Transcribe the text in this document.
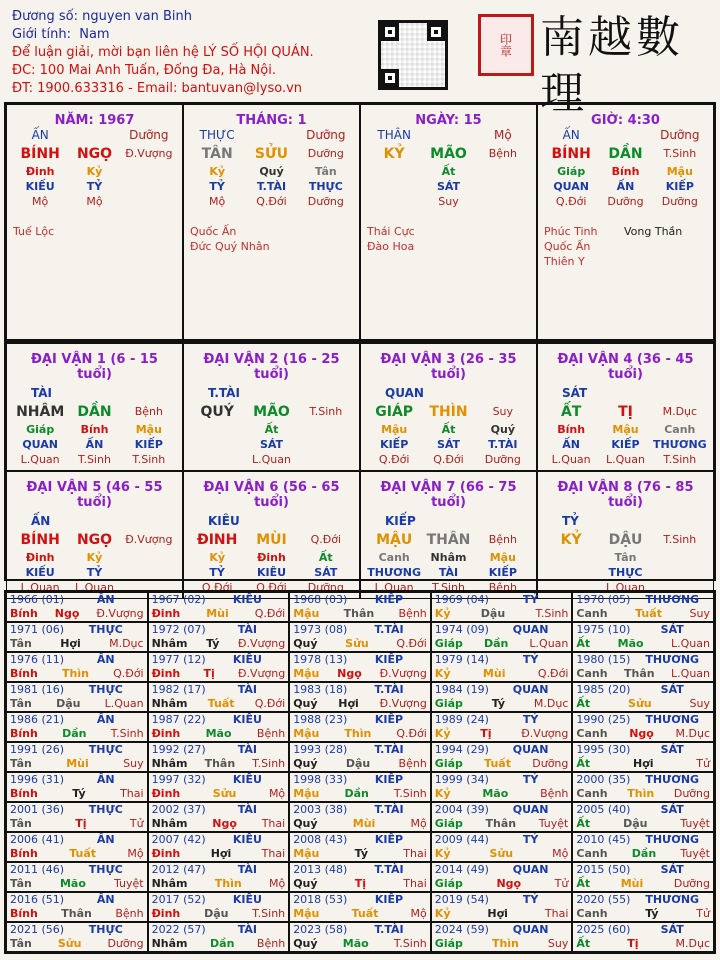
Đương số: nguyen van Binh
Giới tính: Nam
Để luận giải, mời bạn liên hệ LÝ SỐ HỘI QUÁN.
ĐC: 100 Mai Anh Tuấn, Đống Đa, Hà Nội.
ĐT: 1900.633316 - Email: bantuvan@lyso.vn
印章 南越數理
NĂM: 1967
ẤN	Dưỡng
BÍNH	NGỌ	Đ.Vượng
Đinh	Kỷ
KIẾU	TỶ
Mộ	Mộ
Tuế Lộc
THÁNG: 1
THỰC	Dưỡng
TÂN	SỬU	Dưỡng
Kỷ	Quý	Tân
TỶ	T.TÀI	THỰC
Mộ	Q.Đới	Dưỡng
Quốc Ấn
Đức Quý Nhân
NGÀY: 15
THÂN	Mộ
KỶ	MÃO	Bệnh
Ất
SÁT
Suy
Thái Cực
Đào Hoa
GIỜ: 4:30
ẤN	Dưỡng
BÍNH	DẦN	T.Sinh
Giáp	Bính	Mậu
QUAN	ẤN	KIẾP
Q.Đới	Dưỡng	Dưỡng
Phúc Tinh	Vong Thần
Quốc Ấn
Thiên Y
ĐẠI VẬN 1 (6 - 15 tuổi)
TÀI
NHÂM DẦN	Bệnh
Giáp	Bính	Mậu
QUAN	ẤN	KIẾP
L.Quan	T.Sinh	T.Sinh
ĐẠI VẬN 2 (16 - 25 tuổi)
T.TÀI
QUÝ	MÃO	T.Sinh
Ất
SÁT
L.Quan
ĐẠI VẬN 3 (26 - 35 tuổi)
QUAN
GIÁP	THÌN	Suy
Mậu	Ất	Quý
KIẾP	SÁT	T.TÀI
Q.Đới	Q.Đới	Dưỡng
ĐẠI VẬN 4 (36 - 45 tuổi)
SÁT
ẤT	TỊ	M.Dục
Bính	Mậu	Canh
ẤN	KIẾP	THƯƠNG
L.Quan	L.Quan	T.Sinh
ĐẠI VẬN 5 (46 - 55 tuổi)
ẤN
BÍNH	NGỌ	Đ.Vượng
Đinh	Kỷ
KIẾU	TỶ
L.Quan	L.Quan
ĐẠI VẬN 6 (56 - 65 tuổi)
KIÊU
ĐINH	MÙI	Q.Đới
Kỷ	Đinh	Ất
TỶ	KIÊU	SÁT
Q.Đới	Q.Đới	Dưỡng
ĐẠI VẬN 7 (66 - 75 tuổi)
KIẾP
MẬU	THÂN	Bệnh
Canh	Nhâm	Mậu
THƯƠNG	TÀI	KIẾP
L.Quan	T.Sinh	Bệnh
ĐẠI VẬN 8 (76 - 85 tuổi)
TỶ
KỶ	DẬU	T.Sinh
Tân
THỰC
L.Quan
1966 (01)	ẤN
Bính Ngọ Đ.Vượng
1967 (02)	KIÊU
Đinh Mùi Q.Đới
1968 (03)	KIẾP
Mậu Thân Bệnh
1969 (04)	TỶ
Kỷ	Dậu	T.Sinh
1970 (05)	THƯƠNG
Canh	Tuất	Suy
1971 (06)	THỰC
Tân	Hợi	M.Dục
1972 (07)	TÀI
Nhâm Tý Đ.Vượng
1973 (08)	T.TÀI
Quý	Sửu	Q.Đới
1974 (09)	QUAN
Giáp Dần L.Quan
1975 (10)	SÁT
Ất Mão L.Quan
1976 (11)	ẤN
Bính Thìn Q.Đới
1977 (12)	KIÊU
Đinh Tị Đ.Vượng
1978 (13)	KIẾP
Mậu Ngọ Đ.Vượng
1979 (14)	TỶ
Kỷ	Mùi	Q.Đới
1980 (15)	THƯƠNG
Canh Thân L.Quan
1981 (16)	THỰC
Tân Dậu L.Quan
1982 (17)	TÀI
Nhâm Tuất Q.Đới
1983 (18)	T.TÀI
Quý Hợi Đ.Vượng
1984 (19)	QUAN
Giáp	Tý	M.Dục
1985 (20)	SÁT
Ất	Sửu	Suy
1986 (21)	ẤN
Bính Dần T.Sinh
1987 (22)	KIÊU
Đinh Mão Bệnh
1988 (23)	KIẾP
Mậu Thìn Q.Đới
1989 (24)	TỶ
Kỷ	Tị	Đ.Vượng
1990 (25)	THƯƠNG
Canh Ngọ M.Dục
1991 (26)	THỰC
Tân	Mùi	Suy
1992 (27)	TÀI
Nhâm Thân T.Sinh
1993 (28)	T.TÀI
Quý	Dậu	Bệnh
1994 (29)	QUAN
Giáp Tuất Dưỡng
1995 (30)	SÁT
Ất	Hợi	Tử
1996 (31)	ẤN
Bính	Tý	Thai
1997 (32)	KIÊU
Đinh	Sửu	Mộ
1998 (33)	KIẾP
Mậu Dần T.Sinh
1999 (34)	TỶ
Kỷ	Mão	Bệnh
2000 (35)	THƯƠNG
Canh Thìn Dưỡng
2001 (36)	THỰC
Tân	Tị	Tử
2002 (37)	TÀI
Nhâm Ngọ Thai
2003 (38)	T.TÀI
Quý	Mùi	Mộ
2004 (39)	QUAN
Giáp Thân Tuyệt
2005 (40)	SÁT
Ất	Dậu	Tuyệt
2006 (41)	ẤN
Bính	Tuất	Mộ
2007 (42)	KIÊU
Đinh	Hợi	Thai
2008 (43)	KIẾP
Mậu	Tý	Thai
2009 (44)	TỶ
Kỷ	Sửu	Mộ
2010 (45)	THƯƠNG
Canh Dần Tuyệt
2011 (46)	THỰC
Tân	Mão	Tuyệt
2012 (47)	TÀI
Nhâm Thìn Mộ
2013 (48)	T.TÀI
Quý	Tị	Thai
2014 (49)	QUAN
Giáp	Ngọ	Tử
2015 (50)	SÁT
Ất	Mùi	Dưỡng
2016 (51)	ẤN
Bính Thân Bệnh
2017 (52)	KIÊU
Đinh Dậu T.Sinh
2018 (53)	KIẾP
Mậu	Tuất	Mộ
2019 (54)	TỶ
Kỷ	Hợi	Thai
2020 (55)	THƯƠNG
Canh	Tý	Tử
2021 (56)	THỰC
Tân Sửu Dưỡng
2022 (57)	TÀI
Nhâm Dần Bệnh
2023 (58)	T.TÀI
Quý Mão T.Sinh
2024 (59)	QUAN
Giáp	Thìn	Suy
2025 (60)	SÁT
Ất	Tị	M.Dục
